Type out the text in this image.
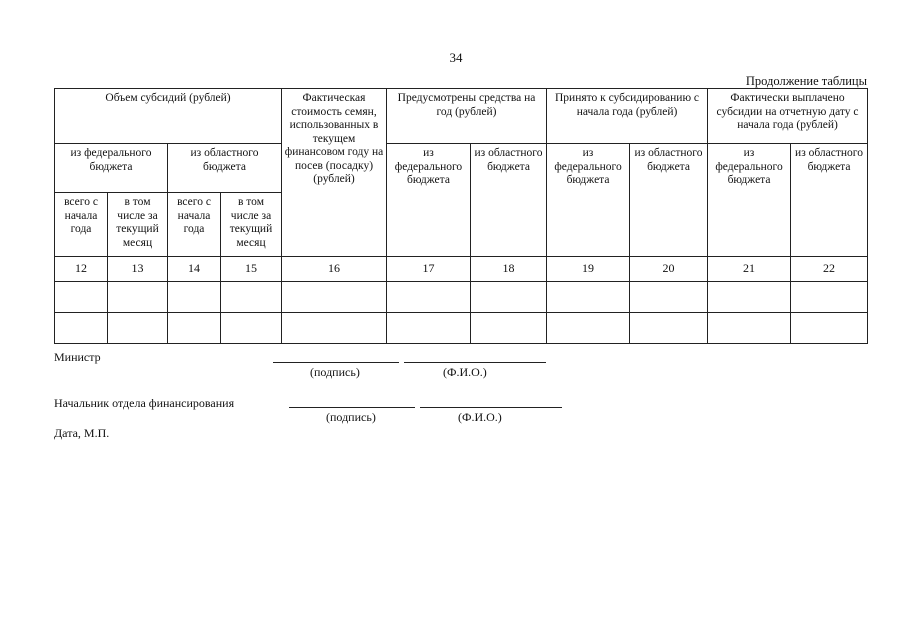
34
Продолжение таблицы
Объем субсидий (рублей)				Фактическая стоимость семян, использованных в текущем финансовом году на посев (посадку) (рублей)	Предусмотрены средства на год (рублей)		Принято к субсидированию с начала года (рублей)		Фактически выплачено субсидии на отчетную дату с начала года (рублей)	
из федерального бюджета		из областного бюджета			из федерального бюджета	из областного бюджета	из федерального бюджета	из областного бюджета	из федерального бюджета	из областного бюджета
всего с начала года	в том числе за текущий месяц	всего с начала года	в том числе за текущий месяц							
12	13	14	15	16	17	18	19	20	21	22

Министр
(подпись)	(Ф.И.О.)
Начальник отдела финансирования
(подпись)	(Ф.И.О.)
Дата, М.П.
